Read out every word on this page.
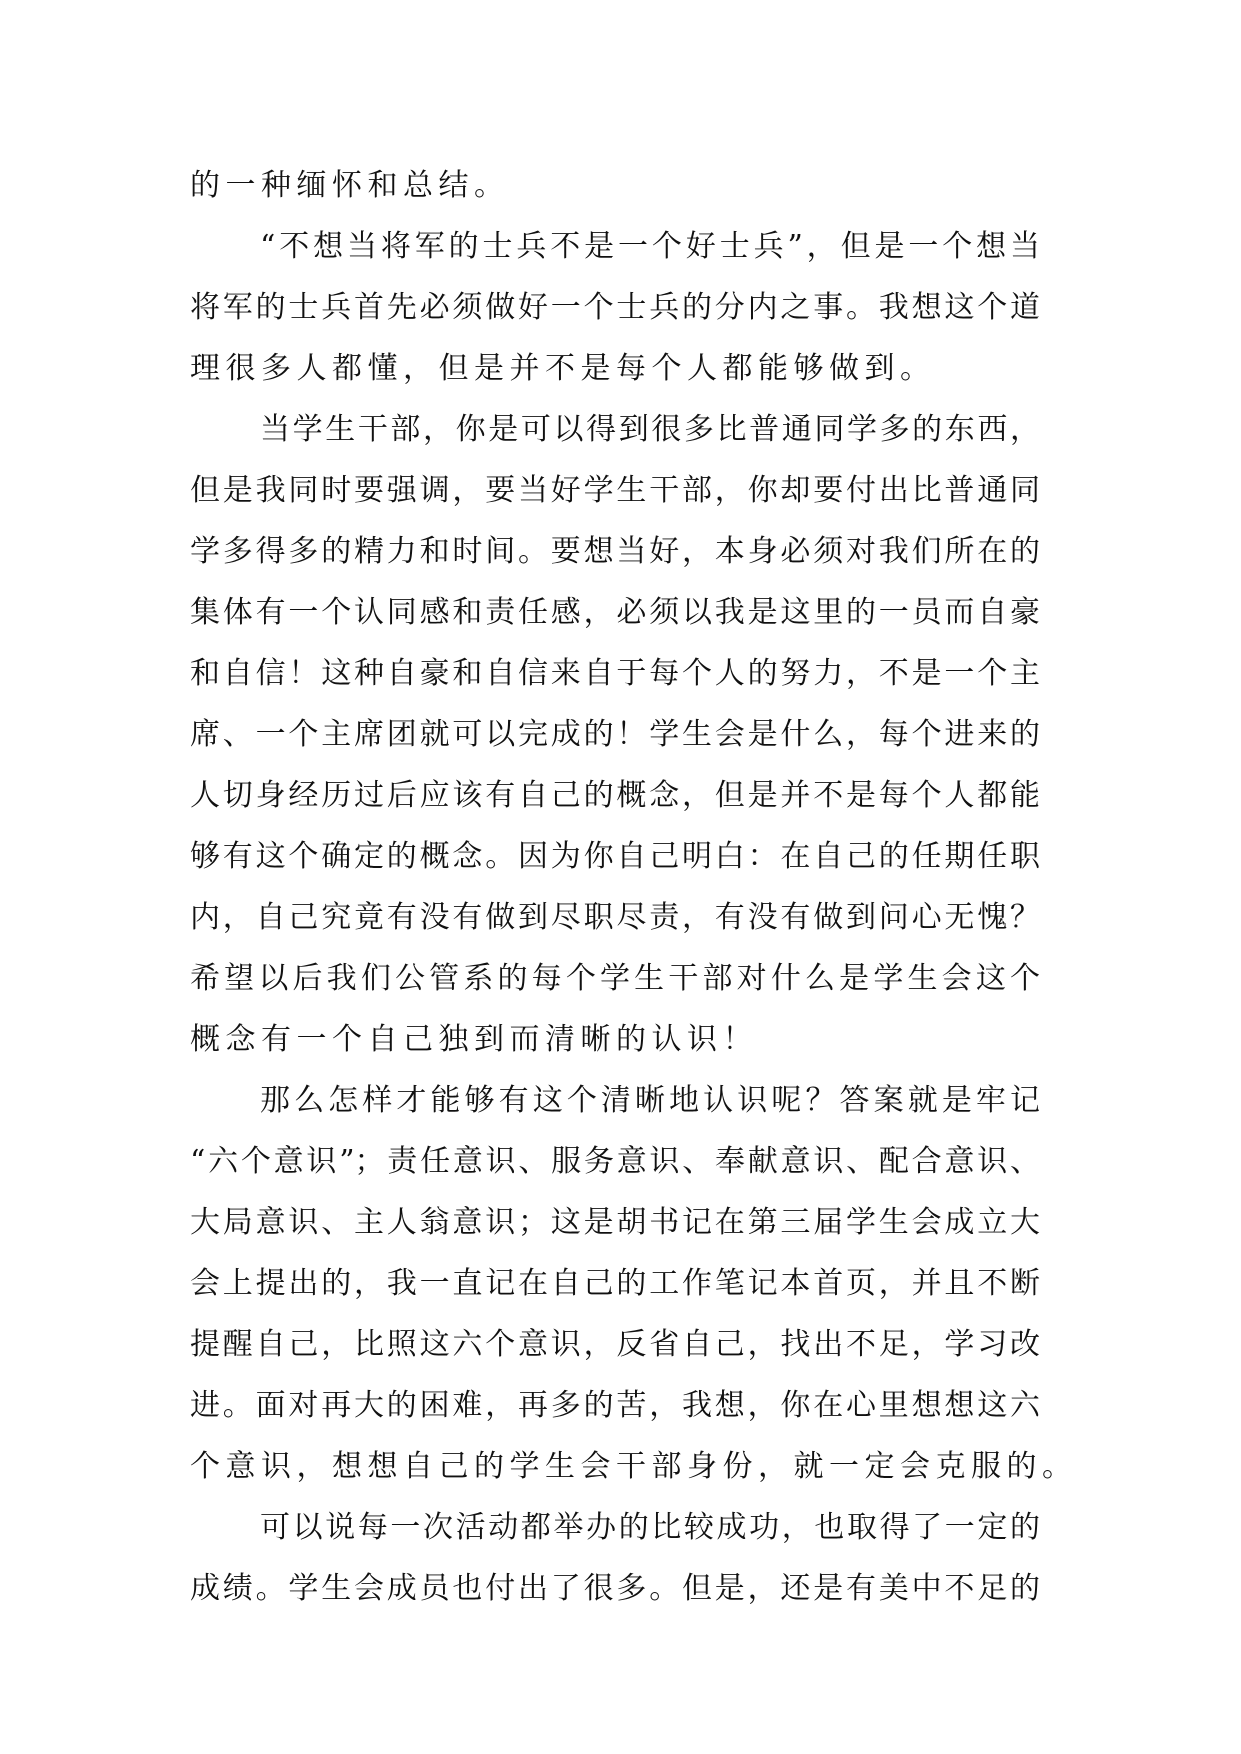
的一种缅怀和总结。
“不想当将军的士兵不是一个好士兵”，但是一个想当
将军的士兵首先必须做好一个士兵的分内之事。我想这个道
理很多人都懂，但是并不是每个人都能够做到。
当学生干部，你是可以得到很多比普通同学多的东西，
但是我同时要强调，要当好学生干部，你却要付出比普通同
学多得多的精力和时间。要想当好，本身必须对我们所在的
集体有一个认同感和责任感，必须以我是这里的一员而自豪
和自信！这种自豪和自信来自于每个人的努力，不是一个主
席、一个主席团就可以完成的！学生会是什么，每个进来的
人切身经历过后应该有自己的概念，但是并不是每个人都能
够有这个确定的概念。因为你自己明白：在自己的任期任职
内，自己究竟有没有做到尽职尽责，有没有做到问心无愧？
希望以后我们公管系的每个学生干部对什么是学生会这个
概念有一个自己独到而清晰的认识！
那么怎样才能够有这个清晰地认识呢？答案就是牢记
“六个意识”；责任意识、服务意识、奉献意识、配合意识、
大局意识、主人翁意识；这是胡书记在第三届学生会成立大
会上提出的，我一直记在自己的工作笔记本首页，并且不断
提醒自己，比照这六个意识，反省自己，找出不足，学习改
进。面对再大的困难，再多的苦，我想，你在心里想想这六
个意识，想想自己的学生会干部身份，就一定会克服的。
可以说每一次活动都举办的比较成功，也取得了一定的
成绩。学生会成员也付出了很多。但是，还是有美中不足的
